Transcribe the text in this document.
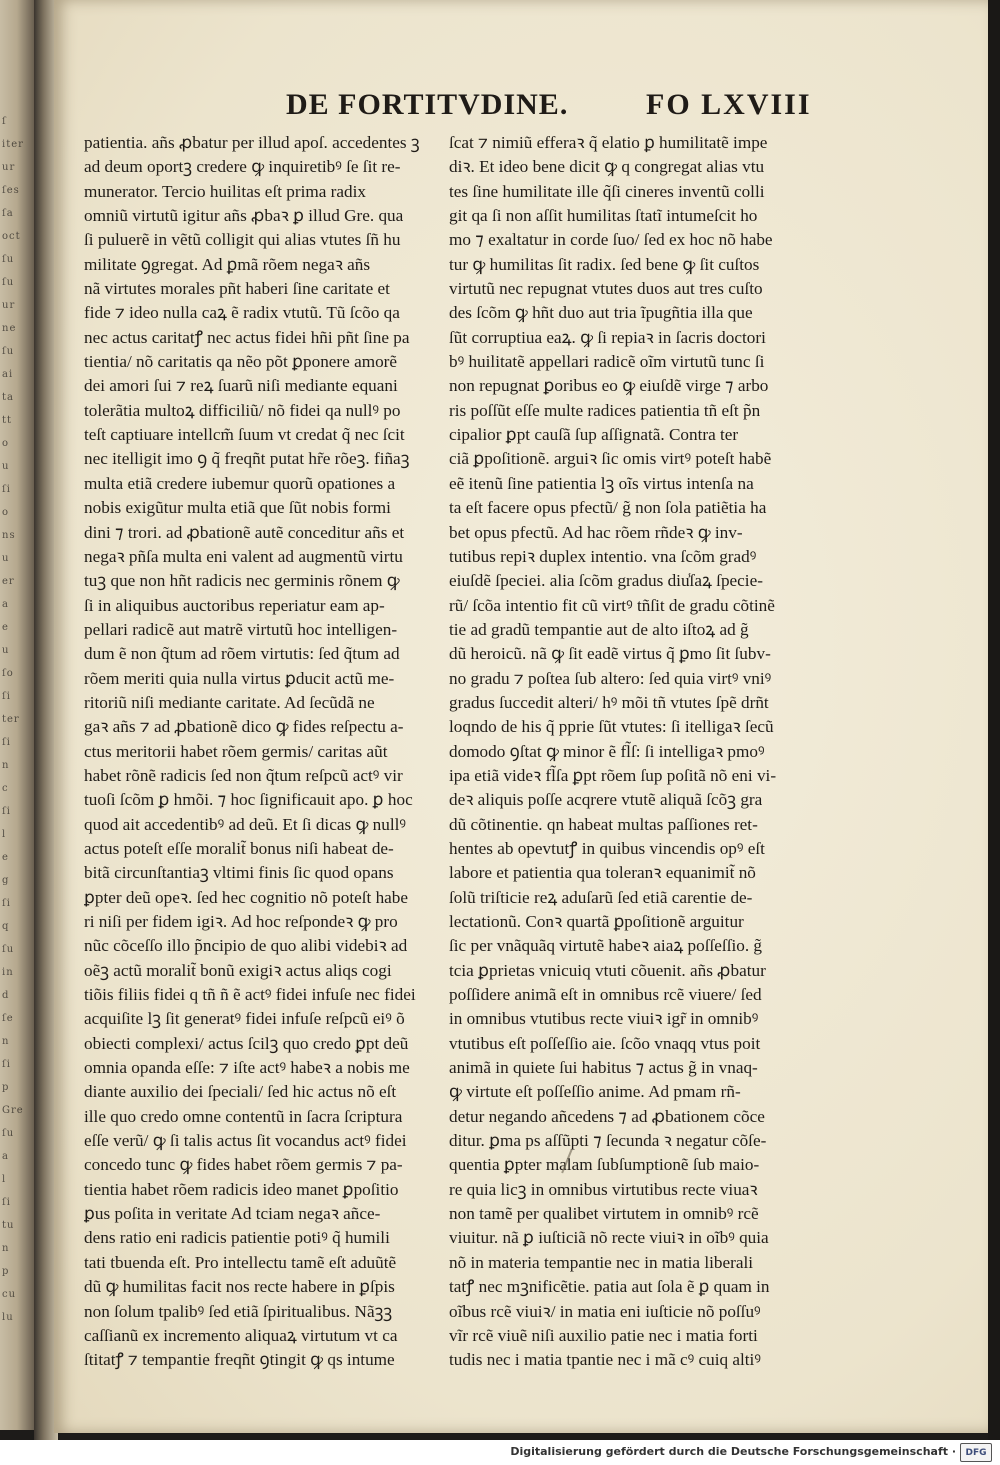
ſ
iter
ur
ſes
ſa
oct
ſu
ſu
ur
ne
ſu
ai
ta
tt
o
u
ſi
o
ns
u
er
a
e
u
ſo
ſi
ter
ſi
n
c
ſi
l
e
g
ſi
q
ſu
in
d
ſe
n
ſi
p
Gre
ſu
a
l
ſi
tu
n
p
cu
lu
DE FORTITVDINE.	FO LXVIII
patientia. añs ꝓbatur per illud apoſ. accedentes ꝫ
ad deum oportꝫ credere ꝙ inquiretibꝰ ſe ſit re-
munerator. Tercio huilitas eſt prima radix
omniũ virtutũ igitur añs ꝓbaꝛ ꝑ illud Gre. qua
ſi puluerẽ in vẽtũ colligit qui alias vtutes ſñ hu
militate ꝯgregat. Ad ꝑmã rõem negaꝛ añs
nã virtutes morales pñt haberi ſine caritate et
fide ⁊ ideo nulla caꝝ ẽ radix vtutũ. Tũ ſcõo qa
nec actus caritatꝭ nec actus fidei hñi pñt ſine pa
tientia/ nõ caritatis qa nẽo põt ꝑponere amorẽ
dei amori ſui ⁊ reꝝ ſuarũ niſi mediante equani
tolerãtia multoꝝ difficiliũ/ nõ fidei qa nullꝰ po
teſt captiuare intellcm̃ ſuum vt credat q̃ nec ſcit
nec itelligit imo ꝯ q̃ freqñt putat hr̃e rõeꝫ. fiñaꝫ
multa etiã credere iubemur quorũ opationes a
nobis exigũtur multa etiã que ſũt nobis formi
dini ⁊ trori. ad ꝓbationẽ autẽ conceditur añs et
negaꝛ pñſa multa eni valent ad augmentũ virtu
tuꝫ que non hñt radicis nec germinis rõnem ꝙ
ſi in aliquibus auctoribus reperiatur eam ap-
pellari radicẽ aut matrẽ virtutũ hoc intelligen-
dum ẽ non q̃tum ad rõem virtutis: ſed q̃tum ad
rõem meriti quia nulla virtus ꝑducit actũ me-
ritoriũ niſi mediante caritate. Ad ſecũdã ne
gaꝛ añs ⁊ ad ꝓbationẽ dico ꝙ fides reſpectu a-
ctus meritorii habet rõem germis/ caritas aũt
habet rõnẽ radicis ſed non q̃tum reſpcũ actꝰ vir
tuoſi ſcõm ꝑ hmõi. ⁊ hoc ſignificauit apo. ꝑ hoc
quod ait accedentibꝰ ad deũ. Et ſi dicas ꝙ nullꝰ
actus poteſt eſſe moralit̃ bonus niſi habeat de-
bitã circunſtantiaꝫ vltimi finis ſic quod opans
ꝑpter deũ opeꝛ. ſed hec cognitio nõ poteſt habe
ri niſi per fidem igiꝛ. Ad hoc reſpondeꝛ ꝙ pro
nũc cõceſſo illo p̃ncipio de quo alibi videbiꝛ ad
oẽꝫ actũ moralit̃ bonũ exigiꝛ actus aliqs cogi
tiõis filiis fidei q tñ ñ ẽ actꝰ fidei infuſe nec fidei
acquiſite lꝫ ſit generatꝰ fidei infuſe reſpcũ eiꝰ õ
obiecti complexi/ actus ſcilꝫ quo credo ꝑpt deũ
omnia opanda eſſe: ⁊ iſte actꝰ habeꝛ a nobis me
diante auxilio dei ſpeciali/ ſed hic actus nõ eſt
ille quo credo omne contentũ in ſacra ſcriptura
eſſe verũ/ ꝙ ſi talis actus ſit vocandus actꝰ fidei
concedo tunc ꝙ fides habet rõem germis ⁊ pa-
tientia habet rõem radicis ideo manet ꝑpoſitio
ꝑus poſita in veritate Ad tciam negaꝛ añce-
dens ratio eni radicis patientie potiꝰ q̃ humili
tati tbuenda eſt. Pro intellectu tamẽ eſt aduũtẽ
dũ ꝙ humilitas facit nos recte habere in ꝑſpis
non ſolum tpalibꝰ ſed etiã ſpiritualibus. Nãꝫꝫ
caſſianũ ex incremento aliquaꝝ virtutum vt ca
ſtitatꝭ ⁊ tempantie freqñt ꝯtingit ꝙ qs intume
ſcat ⁊ nimiũ efferaꝛ q̃ elatio ꝑ humilitatẽ impe
diꝛ. Et ideo bene dicit ꝙ q congregat alias vtu
tes ſine humilitate ille q̃ſi cineres inventũ colli
git qa ſi non aſſit humilitas ſtatĩ intumeſcit ho
mo ⁊ exaltatur in corde ſuo/ ſed ex hoc nõ habe
tur ꝙ humilitas ſit radix. ſed bene ꝙ ſit cuſtos
virtutũ nec repugnat vtutes duos aut tres cuſto
des ſcõm ꝙ hñt duo aut tria ĩpugñtia illa que
ſũt corruptiua eaꝝ. ꝙ ſi repiaꝛ in ſacris doctori
bꝰ huilitatẽ appellari radicẽ oĩm virtutũ tunc ſi
non repugnat ꝑoribus eo ꝙ eiuſdẽ virge ⁊ arbo
ris poſſũt eſſe multe radices patientia tñ eſt p̃n
cipalior ꝑpt cauſã ſup aſſignatã. Contra ter
ciã ꝑpoſitionẽ. arguiꝛ ſic omis virtꝰ poteſt habẽ
eẽ itenũ ſine patientia lꝫ oĩs virtus intenſa na
ta eſt facere opus pfectũ/ g̃ non ſola patiẽtia ha
bet opus pfectũ. Ad hac rõem rñdeꝛ ꝙ inv-
tutibus repiꝛ duplex intentio. vna ſcõm gradꝰ
eiuſdẽ ſpeciei. alia ſcõm gradus diu̾ſaꝝ ſpecie-
rũ/ ſcõa intentio fit cũ virtꝰ tñſit de gradu cõtinẽ
tie ad gradũ tempantie aut de alto iſtoꝝ ad g̃
dũ heroicũ. nã ꝙ ſit eadẽ virtus q̃ ꝑmo ſit ſubv-
no gradu ⁊ poſtea ſub altero: ſed quia virtꝰ vniꝰ
gradus ſuccedit alteri/ hꝰ mõi tñ vtutes ſpẽ drñt
loqndo de his q̃ pprie ſũt vtutes: ſi itelligaꝛ ſecũ
domodo ꝯſtat ꝙ minor ẽ fl̃ſ: ſi intelligaꝛ pmoꝰ
ipa etiã videꝛ fl̃ſa ꝑpt rõem ſup poſitã nõ eni vi-
deꝛ aliquis poſſe acqrere vtutẽ aliquã ſcõꝫ gra
dũ cõtinentie. qn habeat multas paſſiones ret-
hentes ab opevtutꝭ in quibus vincendis opꝰ eſt
labore et patientia qua toleranꝛ equanimit̃ nõ
ſolũ triſticie reꝝ aduſarũ ſed etiã carentie de-
lectationũ. Conꝛ quartã ꝑpoſitionẽ arguitur
ſic per vnãquãq virtutẽ habeꝛ aiaꝝ poſſeſſio. g̃
tcia ꝑprietas vnicuiq vtuti cõuenit. añs ꝓbatur
poſſidere animã eſt in omnibus rcẽ viuere/ ſed
in omnibus vtutibus recte viuiꝛ igr̃ in omnibꝰ
vtutibus eſt poſſeſſio aie. ſcõo vnaqq vtus poit
animã in quiete ſui habitus ⁊ actus g̃ in vnaq-
ꝙ virtute eſt poſſeſſio anime. Ad pmam rñ-
detur negando añcedens ⁊ ad ꝓbationem cõce
ditur. ꝑma ps aſſũpti ⁊ ſecunda ꝛ negatur cõſe-
quentia ꝑpter malam ſubſumptionẽ ſub maio-
re quia licꝫ in omnibus virtutibus recte viuaꝛ
non tamẽ per qualibet virtutem in omnibꝰ rcẽ
viuitur. nã ꝑ iuſticiã nõ recte viuiꝛ in oĩbꝰ quia
nõ in materia tempantie nec in matia liberali
tatꝭ nec mꝫnificẽtie. patia aut ſola ẽ ꝑ quam in
oĩbus rcẽ viuiꝛ/ in matia eni iuſticie nõ poſſuꝰ
vĩr rcẽ viuẽ niſi auxilio patie nec i matia forti
tudis nec i matia tpantie nec i mã cꝰ cuiq altiꝰ
Digitalisierung gefördert durch die Deutsche Forschungsgemeinschaft ·	DFG
